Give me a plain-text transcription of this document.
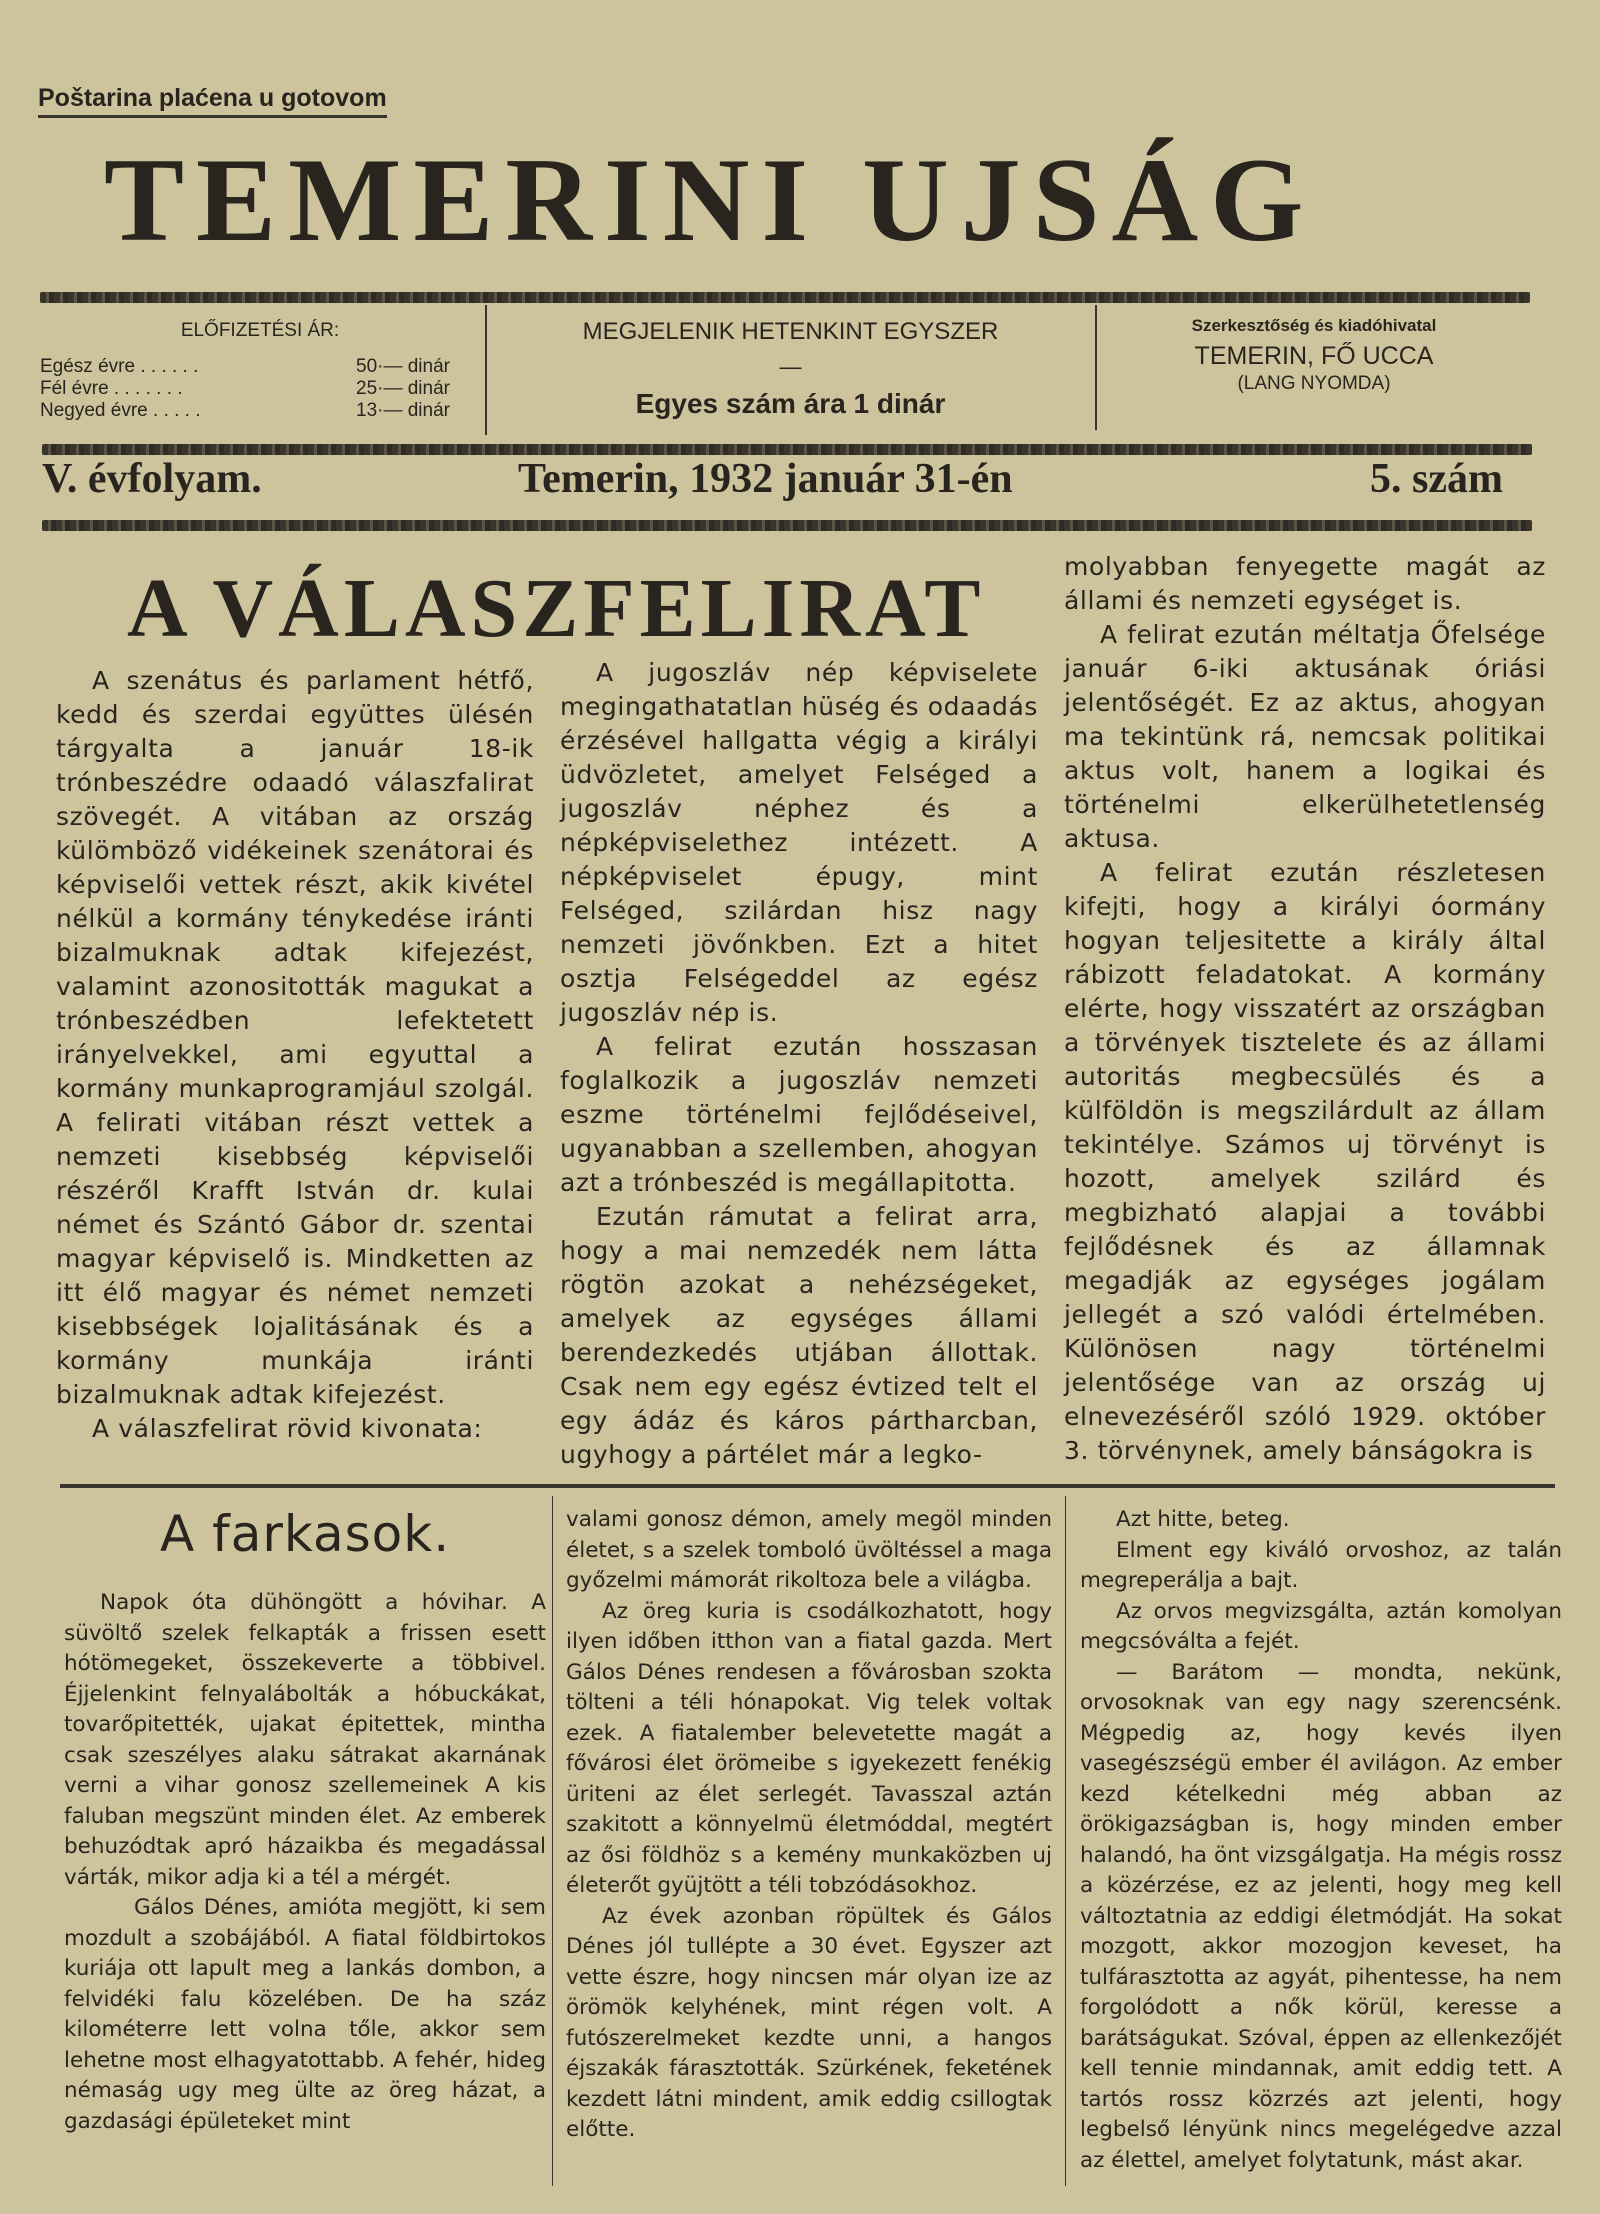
Poštarina plaćena u gotovom
TEMERINI UJSÁG
ELŐFIZETÉSI ÁR:
Egész évre . . . . . .	50·— dinár
Fél évre . . . . . . .	25·— dinár
Negyed évre . . . . .	13·— dinár
MEGJELENIK HETENKINT EGYSZER
—
Egyes szám ára 1 dinár
Szerkesztőség és kiadóhivatal
TEMERIN, FŐ UCCA
(LANG NYOMDA)
V. évfolyam.	Temerin, 1932 január 31-én	5. szám
A VÁLASZFELIRAT

A szenátus és parlament hétfő, kedd és szerdai együttes ülésén tárgyalta a január 18-ik trónbeszédre odaadó válaszfalirat szövegét. A vitában az ország külömböző vidékeinek szenátorai és képviselői vettek részt, akik kivétel nélkül a kormány ténykedése iránti bizalmuknak adtak kifejezést, valamint azonositották magukat a trónbeszédben lefektetett irányelvekkel, ami egyuttal a kormány munkaprogramjául szolgál. A felirati vitában részt vettek a nemzeti kisebbség képviselői részéről Krafft István dr. kulai német és Szántó Gábor dr. szentai magyar képviselő is. Mindketten az itt élő magyar és német nemzeti kisebbségek lojalitásának és a kormány munkája iránti bizalmuknak adtak kifejezést.

A válaszfelirat rövid kivonata:

A jugoszláv nép képviselete megingathatatlan hüség és odaadás érzésével hallgatta végig a királyi üdvözletet, amelyet Felséged a jugoszláv néphez és a népképviselethez intézett. A népképviselet épugy, mint Felséged, szilárdan hisz nagy nemzeti jövőnkben. Ezt a hitet osztja Felségeddel az egész jugoszláv nép is.

A felirat ezután hosszasan foglalkozik a jugoszláv nemzeti eszme történelmi fejlődéseivel, ugyanabban a szellemben, ahogyan azt a trónbeszéd is megállapitotta.

Ezután rámutat a felirat arra, hogy a mai nemzedék nem látta rögtön azokat a nehézségeket, amelyek az egységes állami berendezkedés utjában állottak. Csak nem egy egész évtized telt el egy ádáz és káros pártharcban, ugyhogy a pártélet már a legko-

molyabban fenyegette magát az állami és nemzeti egységet is.

A felirat ezután méltatja Őfelsége január 6-iki aktusának óriási jelentőségét. Ez az aktus, ahogyan ma tekintünk rá, nemcsak politikai aktus volt, hanem a logikai és történelmi elkerülhetetlenség aktusa.

A felirat ezután részletesen kifejti, hogy a királyi óormány hogyan teljesitette a király által rábizott feladatokat. A kormány elérte, hogy visszatért az országban a törvények tisztelete és az állami autoritás megbecsülés és a külföldön is megszilárdult az állam tekintélye. Számos uj törvényt is hozott, amelyek szilárd és megbizható alapjai a további fejlődésnek és az államnak megadják az egységes jogálam jellegét a szó valódi értelmében. Különösen nagy történelmi jelentősége van az ország uj elnevezéséről szóló 1929. október 3. törvénynek, amely bánságokra is

A farkasok.

Napok óta dühöngött a hóvihar. A süvöltő szelek felkapták a frissen esett hótömegeket, összekeverte a többivel. Éjjelenkint felnyalábolták a hóbuckákat, tovarőpitették, ujakat épitettek, mintha csak szeszélyes alaku sátrakat akarnának verni a vihar gonosz szellemeinek A kis faluban megszünt minden élet. Az emberek behuzódtak apró házaikba és megadással várták, mikor adja ki a tél a mérgét.

Gálos Dénes, amióta megjött, ki sem mozdult a szobájából. A fiatal földbirtokos kuriája ott lapult meg a lankás dombon, a felvidéki falu közelében. De ha száz kilométerre lett volna tőle, akkor sem lehetne most elhagyatottabb. A fehér, hideg némaság ugy meg ülte az öreg házat, a gazdasági épületeket mint

valami gonosz démon, amely megöl minden életet, s a szelek tomboló üvöltéssel a maga győzelmi mámorát rikoltoza bele a világba.

Az öreg kuria is csodálkozhatott, hogy ilyen időben itthon van a fiatal gazda. Mert Gálos Dénes rendesen a fővárosban szokta tölteni a téli hónapokat. Vig telek voltak ezek. A fiatalember belevetette magát a fővárosi élet örömeibe s igyekezett fenékig üriteni az élet serlegét. Tavasszal aztán szakitott a könnyelmü életmóddal, megtért az ősi földhöz s a kemény munkaközben uj életerőt gyüjtött a téli tobzódásokhoz.

Az évek azonban röpültek és Gálos Dénes jól tullépte a 30 évet. Egyszer azt vette észre, hogy nincsen már olyan ize az örömök kelyhének, mint régen volt. A futószerelmeket kezdte unni, a hangos éjszakák fárasztották. Szürkének, feketének kezdett látni mindent, amik eddig csillogtak előtte.

Azt hitte, beteg.

Elment egy kiváló orvoshoz, az talán megreperálja a bajt.

Az orvos megvizsgálta, aztán komolyan megcsóválta a fejét.

— Barátom — mondta, nekünk, orvosoknak van egy nagy szerencsénk. Mégpedig az, hogy kevés ilyen vasegészségü ember él avilágon. Az ember kezd kételkedni még abban az örökigazságban is, hogy minden ember halandó, ha önt vizsgálgatja. Ha mégis rossz a közérzése, ez az jelenti, hogy meg kell változtatnia az eddigi életmódját. Ha sokat mozgott, akkor mozogjon keveset, ha tulfárasztotta az agyát, pihentesse, ha nem forgolódott a nők körül, keresse a barátságukat. Szóval, éppen az ellenkezőjét kell tennie mindannak, amit eddig tett. A tartós rossz közrzés azt jelenti, hogy legbelső lényünk nincs megelégedve azzal az élettel, amelyet folytatunk, mást akar.
